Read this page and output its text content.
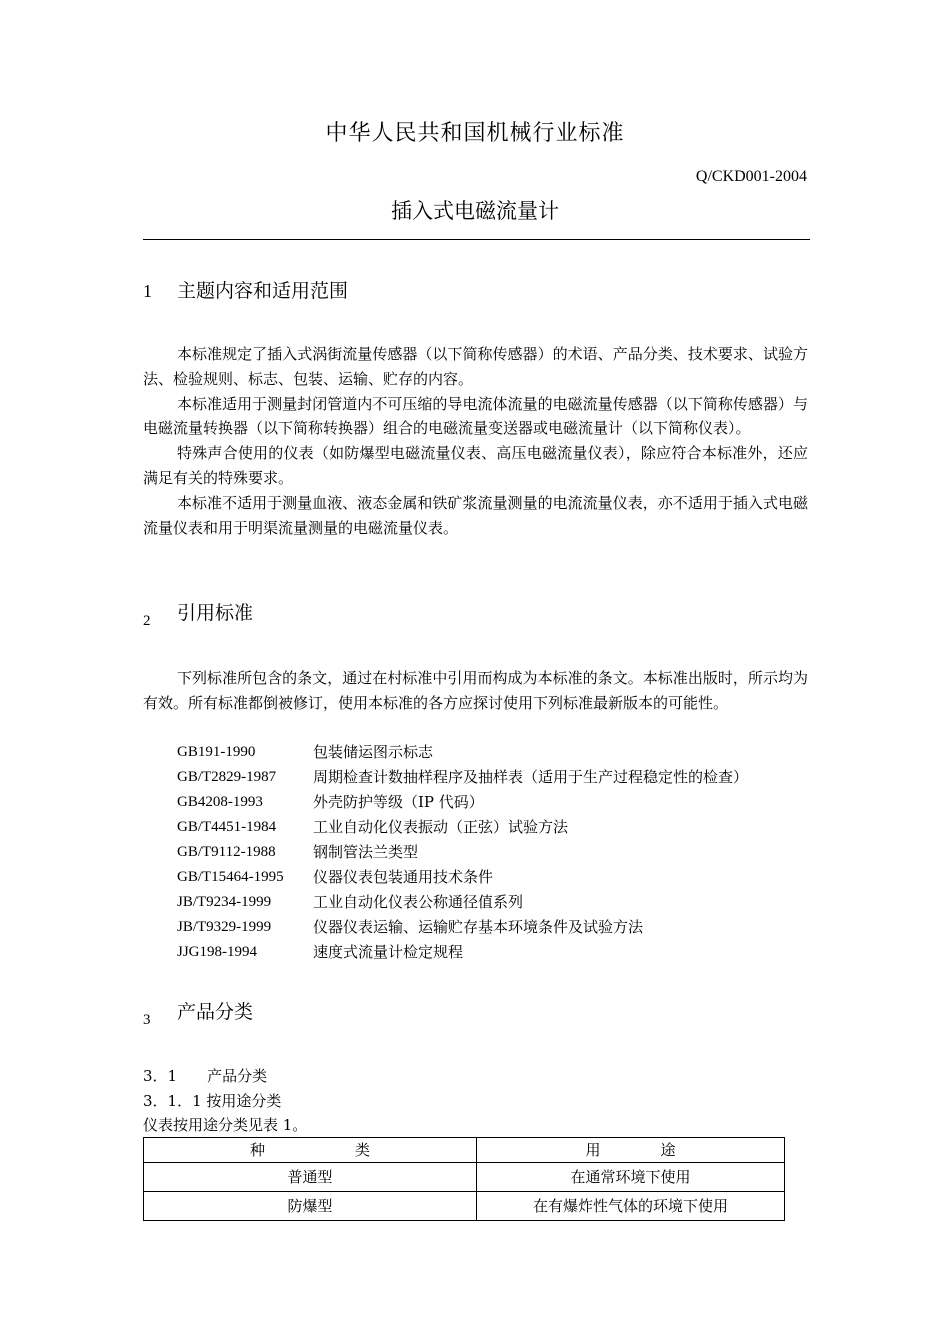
中华人民共和国机械行业标准
Q/CKD001-2004
插入式电磁流量计
1 主题内容和适用范围

本标准规定了插入式涡街流量传感器（以下简称传感器）的术语、产品分类、技术要求、试验方法、检验规则、标志、包装、运输、贮存的内容。

本标准适用于测量封闭管道内不可压缩的导电流体流量的电磁流量传感器（以下简称传感器）与电磁流量转换器（以下简称转换器）组合的电磁流量变送器或电磁流量计（以下简称仪表）。

特殊声合使用的仪表（如防爆型电磁流量仪表、高压电磁流量仪表），除应符合本标准外，还应满足有关的特殊要求。

本标准不适用于测量血液、液态金属和铁矿浆流量测量的电流流量仪表，亦不适用于插入式电磁流量仪表和用于明渠流量测量的电磁流量仪表。

2 引用标准

下列标准所包含的条文，通过在村标准中引用而构成为本标准的条文。本标准出版时，所示均为有效。所有标准都倒被修订，使用本标准的各方应探讨使用下列标准最新版本的可能性。

GB191-1990	包装储运图示标志
GB/T2829-1987	周期检查计数抽样程序及抽样表（适用于生产过程稳定性的检查）
GB4208-1993	外壳防护等级（IP 代码）
GB/T4451-1984	工业自动化仪表振动（正弦）试验方法
GB/T9112-1988	钢制管法兰类型
GB/T15464-1995	仪器仪表包装通用技术条件
JB/T9234-1999	工业自动化仪表公称通径值系列
JB/T9329-1999	仪器仪表运输、运输贮存基本环境条件及试验方法
JJG198-1994	速度式流量计检定规程
3 产品分类
3．1　　产品分类
3．1．1 按用途分类
仪表按用途分类见表 1。
种　　　　　　类	用　　　　途
普通型	在通常环境下使用
防爆型	在有爆炸性气体的环境下使用
